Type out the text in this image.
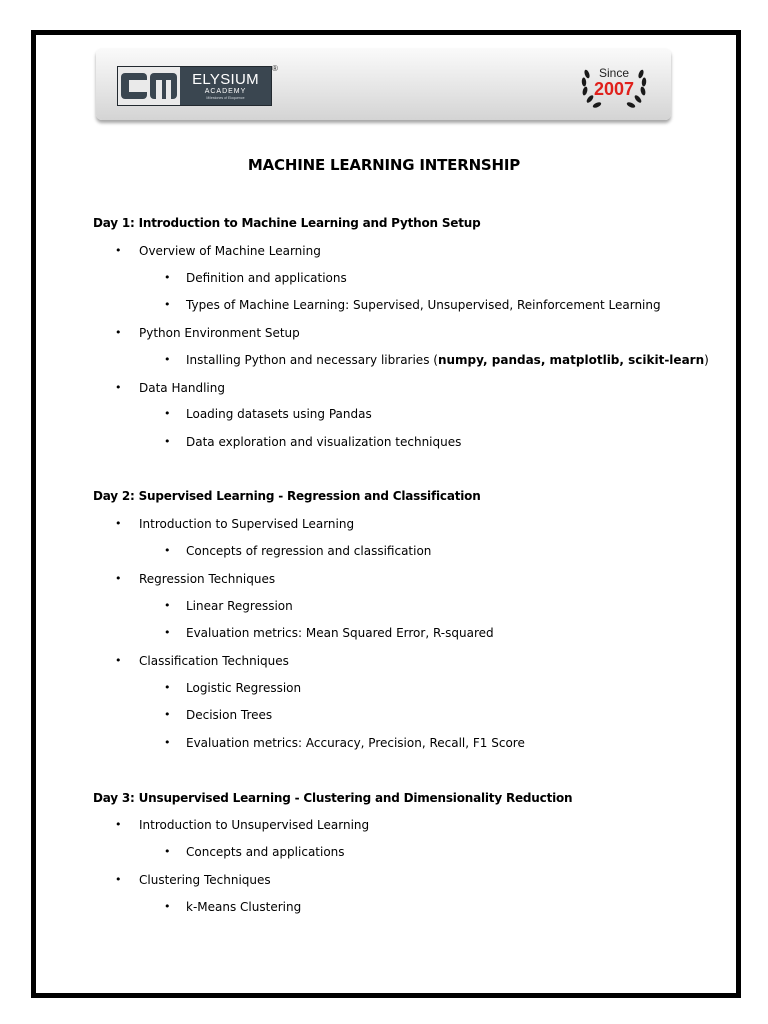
ELYSIUM
ACADEMY
Milestones of Eloquence
®	Since
2007
MACHINE LEARNING INTERNSHIP
Day 1: Introduction to Machine Learning and Python Setup
• Overview of Machine Learning
• Definition and applications
• Types of Machine Learning: Supervised, Unsupervised, Reinforcement Learning
• Python Environment Setup
• Installing Python and necessary libraries (numpy, pandas, matplotlib, scikit-learn)
• Data Handling
• Loading datasets using Pandas
• Data exploration and visualization techniques
Day 2: Supervised Learning - Regression and Classification
• Introduction to Supervised Learning
• Concepts of regression and classification
• Regression Techniques
• Linear Regression
• Evaluation metrics: Mean Squared Error, R-squared
• Classification Techniques
• Logistic Regression
• Decision Trees
• Evaluation metrics: Accuracy, Precision, Recall, F1 Score
Day 3: Unsupervised Learning - Clustering and Dimensionality Reduction
• Introduction to Unsupervised Learning
• Concepts and applications
• Clustering Techniques
• k-Means Clustering
